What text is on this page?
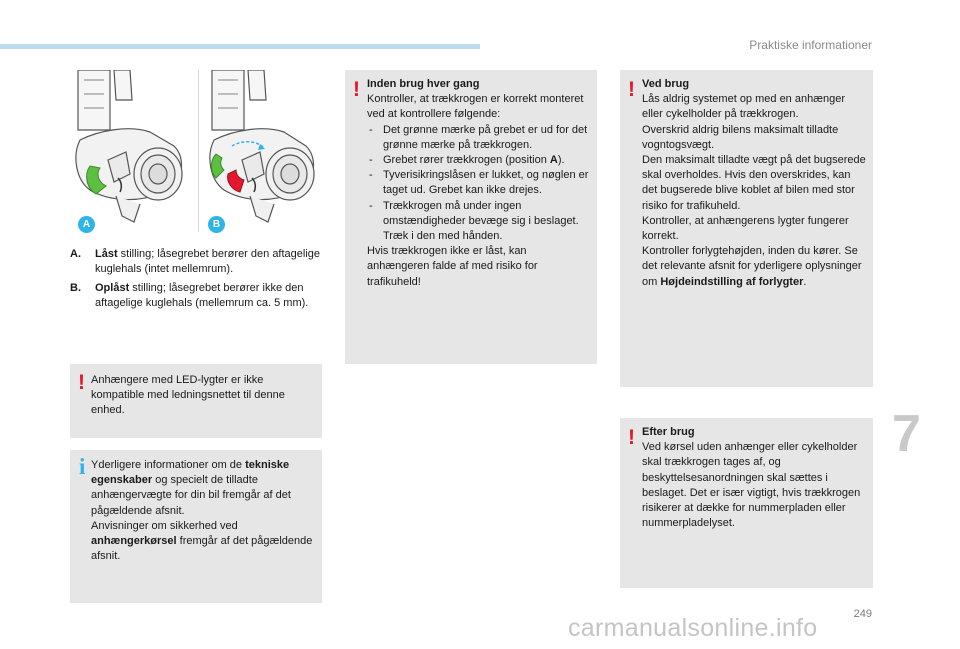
Praktiske informationer
7
A	B
A.	Låst stilling; låsegrebet berører den aftagelige kuglehals (intet mellemrum).
B.	Oplåst stilling; låsegrebet berører ikke den aftagelige kuglehals (mellemrum ca. 5 mm).
! Anhængere med LED-lygter er ikke kompatible med ledningsnettet til denne enhed.
i Yderligere informationer om de tekniske egenskaber og specielt de tilladte anhængervægte for din bil fremgår af det pågældende afsnit.
Anvisninger om sikkerhed ved anhængerkørsel fremgår af det pågældende afsnit.
! Inden brug hver gang
Kontroller, at trækkrogen er korrekt monteret ved at kontrollere følgende:
- Det grønne mærke på grebet er ud for det grønne mærke på trækkrogen.
- Grebet rører trækkrogen (position A).
- Tyverisikringslåsen er lukket, og nøglen er taget ud. Grebet kan ikke drejes.
- Trækkrogen må under ingen omstændigheder bevæge sig i beslaget. Træk i den med hånden.
Hvis trækkrogen ikke er låst, kan anhængeren falde af med risiko for trafikuheld!
! Ved brug
Lås aldrig systemet op med en anhænger eller cykelholder på trækkrogen.
Overskrid aldrig bilens maksimalt tilladte vogntogsvægt.
Den maksimalt tilladte vægt på det bugserede skal overholdes. Hvis den overskrides, kan det bugserede blive koblet af bilen med stor risiko for trafikuheld.
Kontroller, at anhængerens lygter fungerer korrekt.
Kontroller forlygtehøjden, inden du kører. Se det relevante afsnit for yderligere oplysninger om Højdeindstilling af forlygter.
! Efter brug
Ved kørsel uden anhænger eller cykelholder skal trækkrogen tages af, og beskyttelsesanordningen skal sættes i beslaget. Det er især vigtigt, hvis trækkrogen risikerer at dække for nummerpladen eller nummerpladelyset.
249
carmanualsonline.info
